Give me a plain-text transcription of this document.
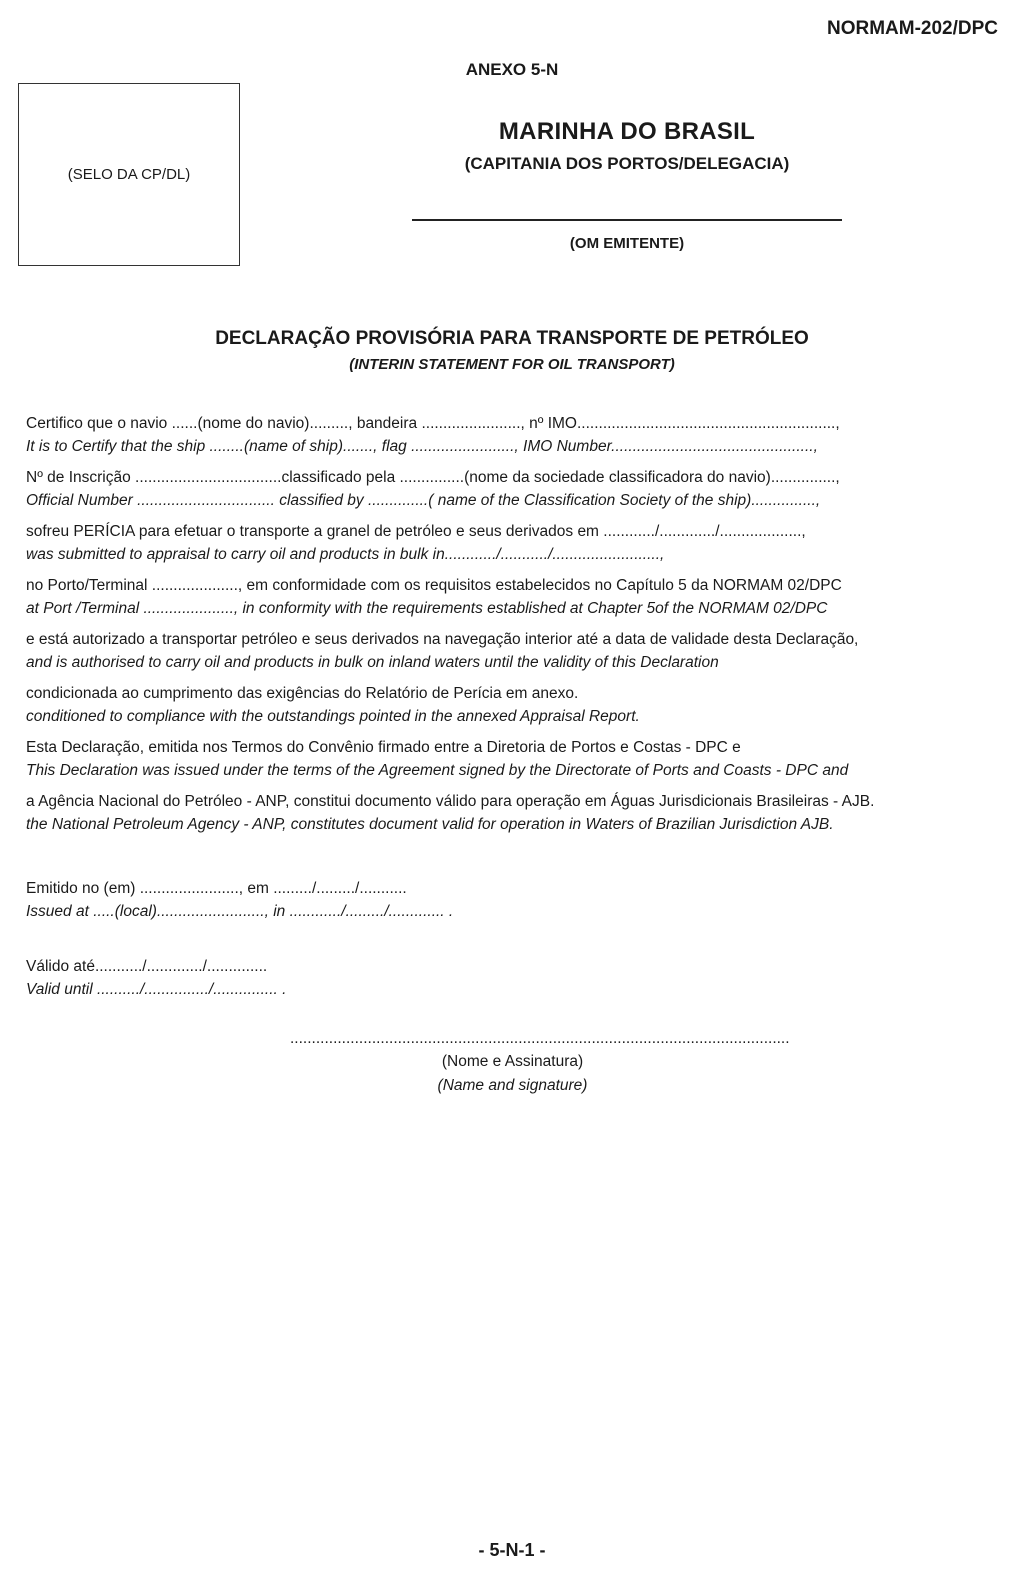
NORMAM-202/DPC
ANEXO 5-N
(SELO DA CP/DL)
MARINHA DO BRASIL
(CAPITANIA DOS PORTOS/DELEGACIA)
(OM EMITENTE)
DECLARAÇÃO PROVISÓRIA PARA TRANSPORTE DE PETRÓLEO
(INTERIN STATEMENT FOR OIL TRANSPORT)
Certifico que o navio ......(nome do navio)........., bandeira ......................., nº IMO............................................................,
It is to Certify that the ship ........(name of ship)......., flag ........................, IMO Number...............................................,
Nº de Inscrição ..................................classificado pela ...............(nome da sociedade classificadora do navio)...............,
Official Number ................................ classified by ..............( name of the Classification Society of the ship)...............,
sofreu PERÍCIA para efetuar o transporte a granel de petróleo e seus derivados em ............/............./...................,
was submitted to appraisal to carry oil and products in bulk in............/.........../.........................,
no Porto/Terminal ...................., em conformidade com os requisitos estabelecidos no Capítulo 5 da NORMAM 02/DPC
at Port /Terminal ....................., in conformity with the requirements established at Chapter 5of the NORMAM 02/DPC
e está autorizado a transportar petróleo e seus derivados na navegação interior até a data de validade desta Declaração,
and is authorised to carry oil and products in bulk on inland waters until the validity of this Declaration
condicionada ao cumprimento das exigências do Relatório de Perícia em anexo.
conditioned to compliance with the outstandings pointed in the annexed Appraisal Report.
Esta Declaração, emitida nos Termos do Convênio firmado entre a Diretoria de Portos e Costas - DPC e
This Declaration was issued under the terms of the Agreement signed by the Directorate of Ports and Coasts - DPC and
a Agência Nacional do Petróleo - ANP, constitui documento válido para operação em Águas Jurisdicionais Brasileiras - AJB.
the National Petroleum Agency - ANP, constitutes document valid for operation in Waters of Brazilian Jurisdiction AJB.
Emitido no (em) ......................., em ........./........./...........
Issued at .....(local)........................., in ............/........./............. .
Válido até.........../............./..............
Valid until ........../.............../............... .
....................................................................................................................
(Nome e Assinatura)
(Name and signature)
- 5-N-1 -
